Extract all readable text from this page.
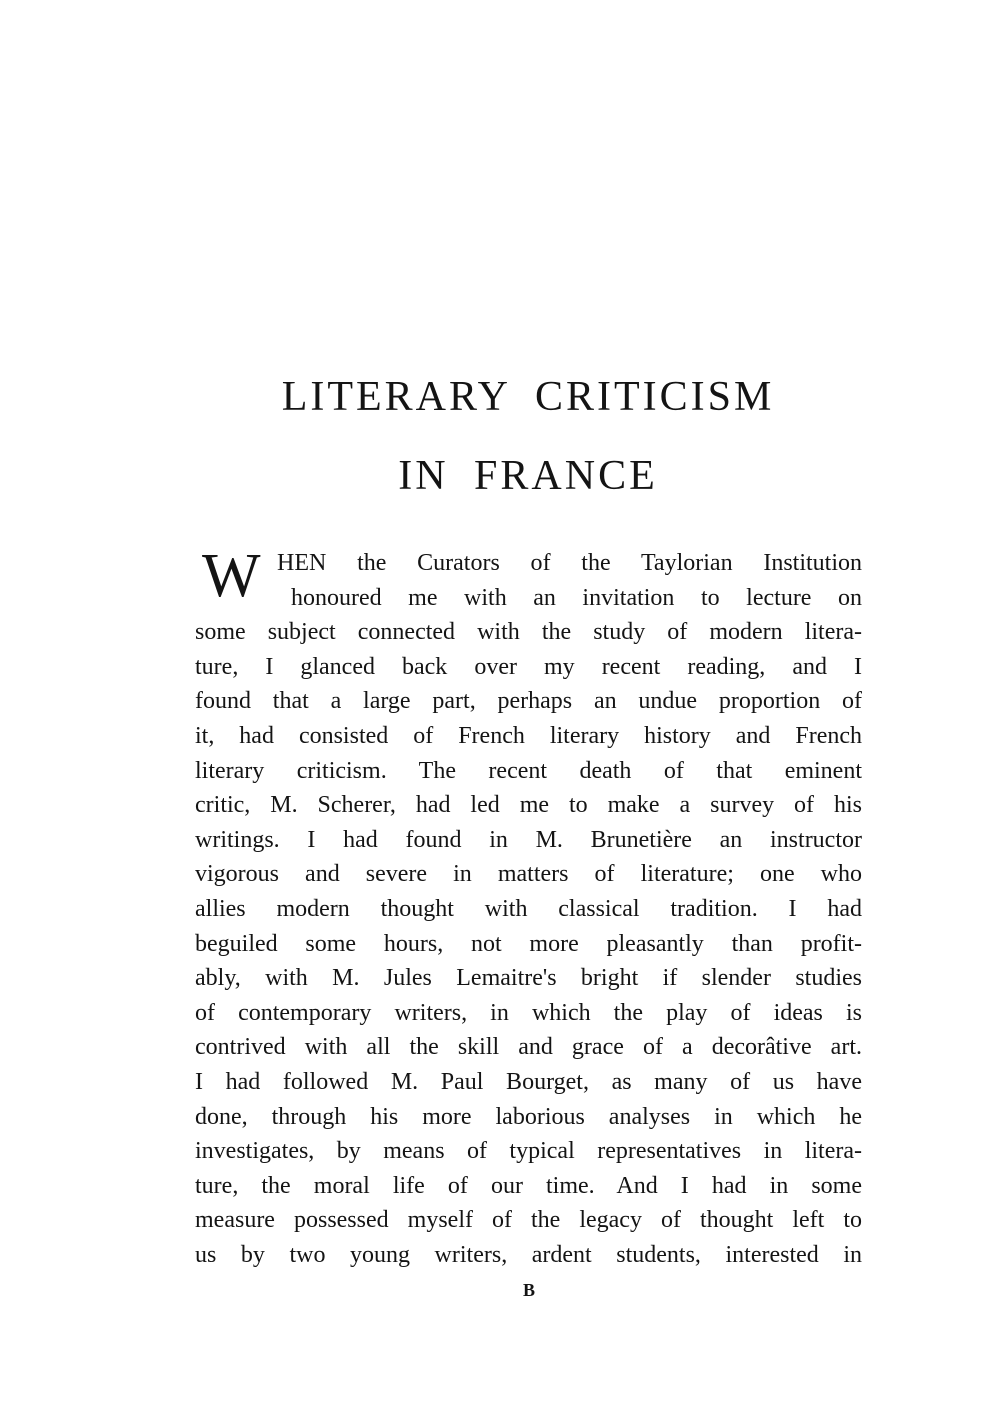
LITERARY CRITICISM
IN FRANCE
W HEN the Curators of the Taylorian Institution
honoured me with an invitation to lecture on
some subject connected with the study of modern litera-
ture, I glanced back over my recent reading, and I
found that a large part, perhaps an undue proportion of
it, had consisted of French literary history and French
literary criticism. The recent death of that eminent
critic, M. Scherer, had led me to make a survey of his
writings. I had found in M. Brunetière an instructor
vigorous and severe in matters of literature; one who
allies modern thought with classical tradition. I had
beguiled some hours, not more pleasantly than profit-
ably, with M. Jules Lemaitre's bright if slender studies
of contemporary writers, in which the play of ideas is
contrived with all the skill and grace of a decorâtive art.
I had followed M. Paul Bourget, as many of us have
done, through his more laborious analyses in which he
investigates, by means of typical representatives in litera-
ture, the moral life of our time. And I had in some
measure possessed myself of the legacy of thought left to
us by two young writers, ardent students, interested in
B
